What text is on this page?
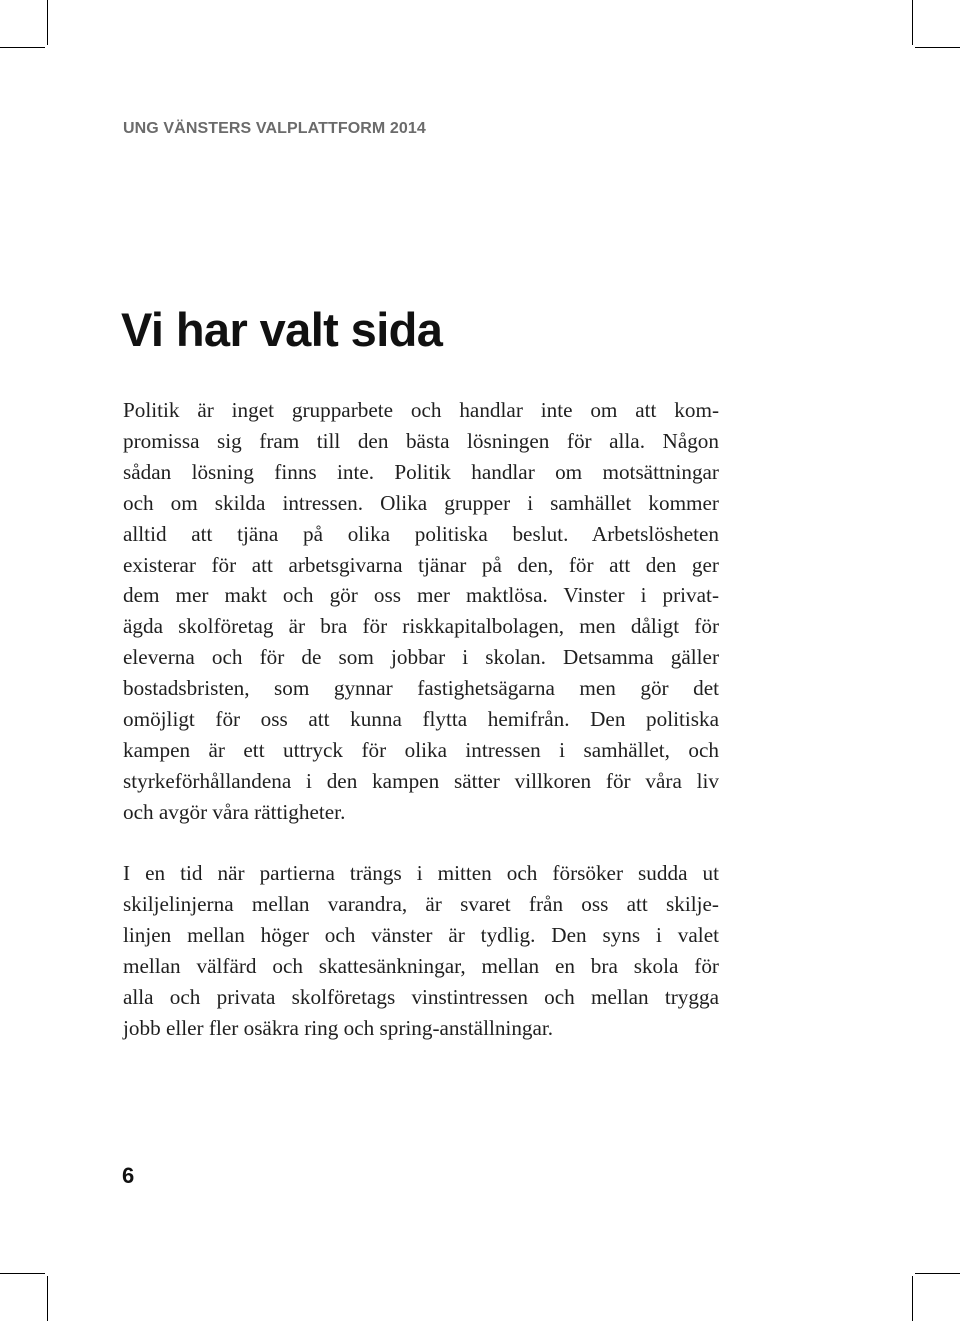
UNG VÄNSTERS VALPLATTFORM 2014

Vi har valt sida

Politik är inget grupparbete och handlar inte om att kom-
promissa sig fram till den bästa lösningen för alla. Någon
sådan lösning finns inte. Politik handlar om motsättningar
och om skilda intressen. Olika grupper i samhället kommer
alltid att tjäna på olika politiska beslut. Arbetslösheten
existerar för att arbetsgivarna tjänar på den, för att den ger
dem mer makt och gör oss mer maktlösa. Vinster i privat-
ägda skolföretag är bra för riskkapitalbolagen, men dåligt för
eleverna och för de som jobbar i skolan. Detsamma gäller
bostadsbristen, som gynnar fastighetsägarna men gör det
omöjligt för oss att kunna flytta hemifrån. Den politiska
kampen är ett uttryck för olika intressen i samhället, och
styrkeförhållandena i den kampen sätter villkoren för våra liv
och avgör våra rättigheter.

I en tid när partierna trängs i mitten och försöker sudda ut
skiljelinjerna mellan varandra, är svaret från oss att skilje-
linjen mellan höger och vänster är tydlig. Den syns i valet
mellan välfärd och skattesänkningar, mellan en bra skola för
alla och privata skolföretags vinstintressen och mellan trygga
jobb eller fler osäkra ring och spring-anställningar.

6
